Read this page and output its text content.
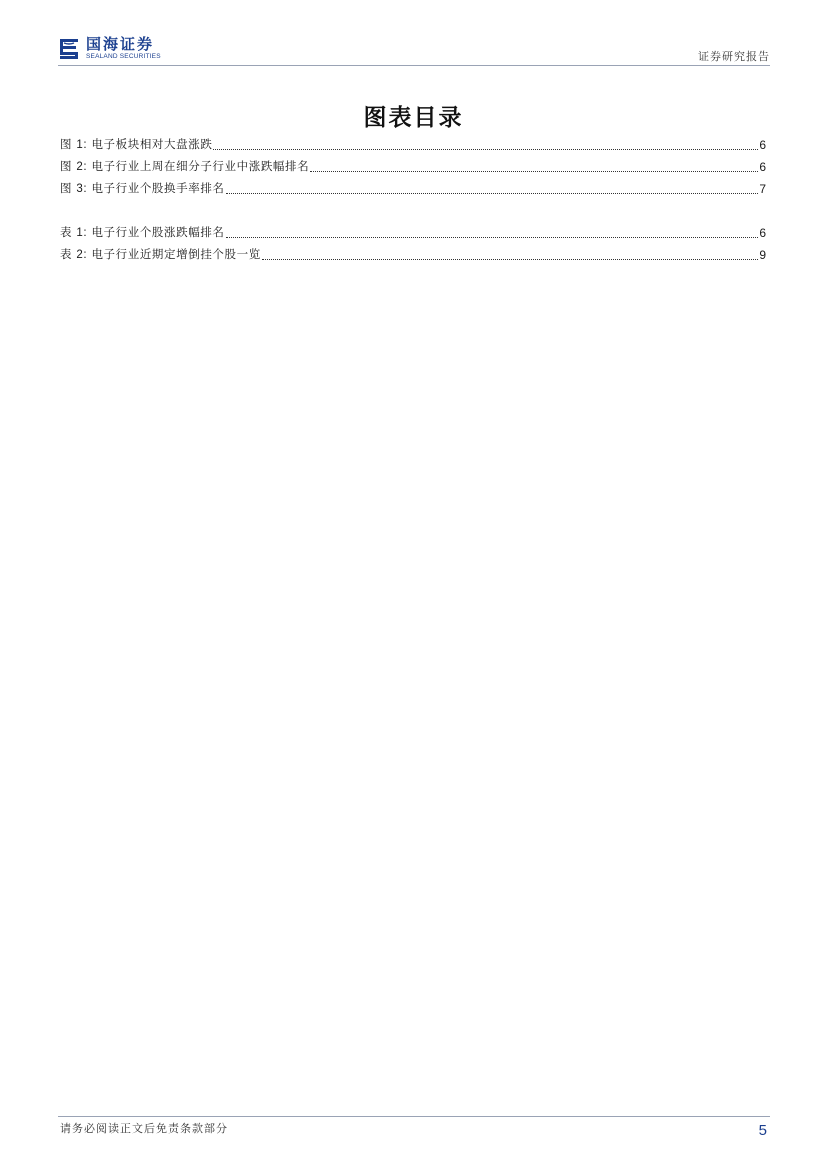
国海证券
SEALAND SECURITIES	证券研究报告
图表目录
图 1: 电子板块相对大盘涨跌	6
图 2: 电子行业上周在细分子行业中涨跌幅排名	6
图 3: 电子行业个股换手率排名	7
表 1: 电子行业个股涨跌幅排名	6
表 2: 电子行业近期定增倒挂个股一览	9
请务必阅读正文后免责条款部分	5
